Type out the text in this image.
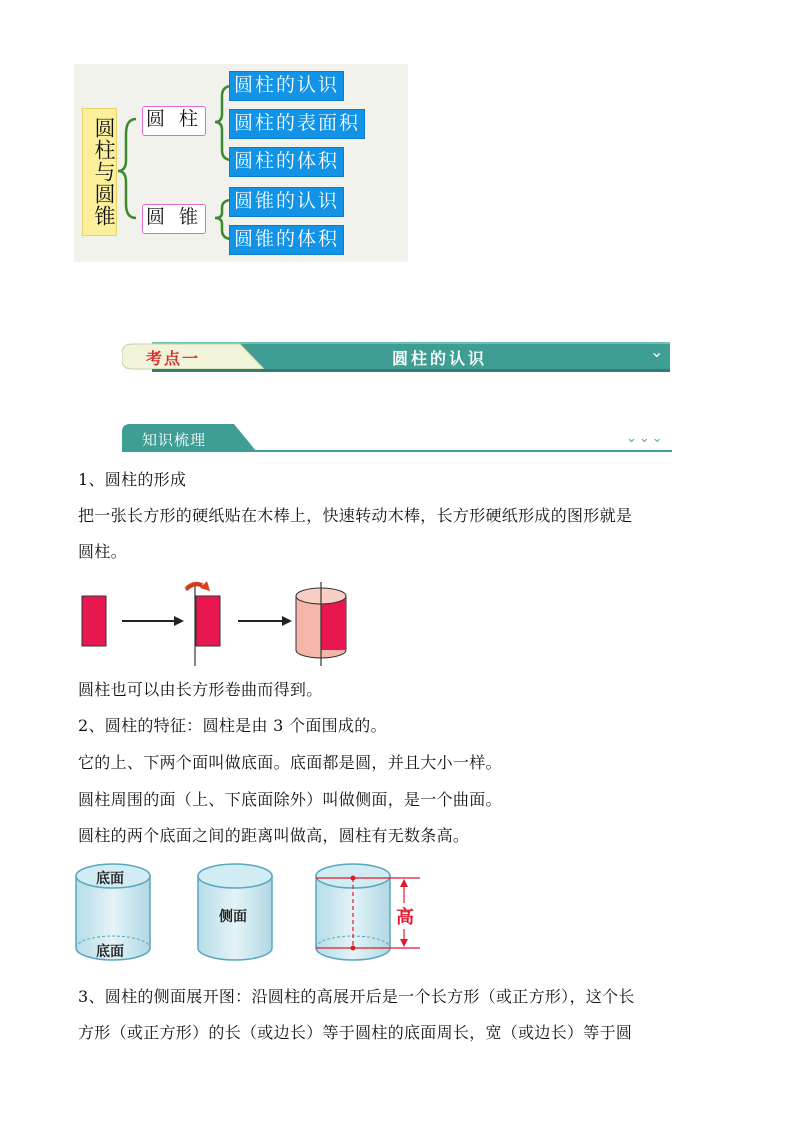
圆柱与圆锥 圆 柱
圆 锥
圆柱的认识
圆柱的表面积
圆柱的体积
圆锥的认识
圆锥的体积
考点一	圆柱的认识	⌄
知识梳理	⌄⌄⌄
1、圆柱的形成
把一张长方形的硬纸贴在木棒上，快速转动木棒，长方形硬纸形成的图形就是
圆柱。
圆柱也可以由长方形卷曲而得到。
2、圆柱的特征：圆柱是由 3 个面围成的。
它的上、下两个面叫做底面。底面都是圆，并且大小一样。
圆柱周围的面（上、下底面除外）叫做侧面，是一个曲面。
圆柱的两个底面之间的距离叫做高，圆柱有无数条高。
底面
底面
侧面	高
3、圆柱的侧面展开图：沿圆柱的高展开后是一个长方形（或正方形），这个长
方形（或正方形）的长（或边长）等于圆柱的底面周长，宽（或边长）等于圆
